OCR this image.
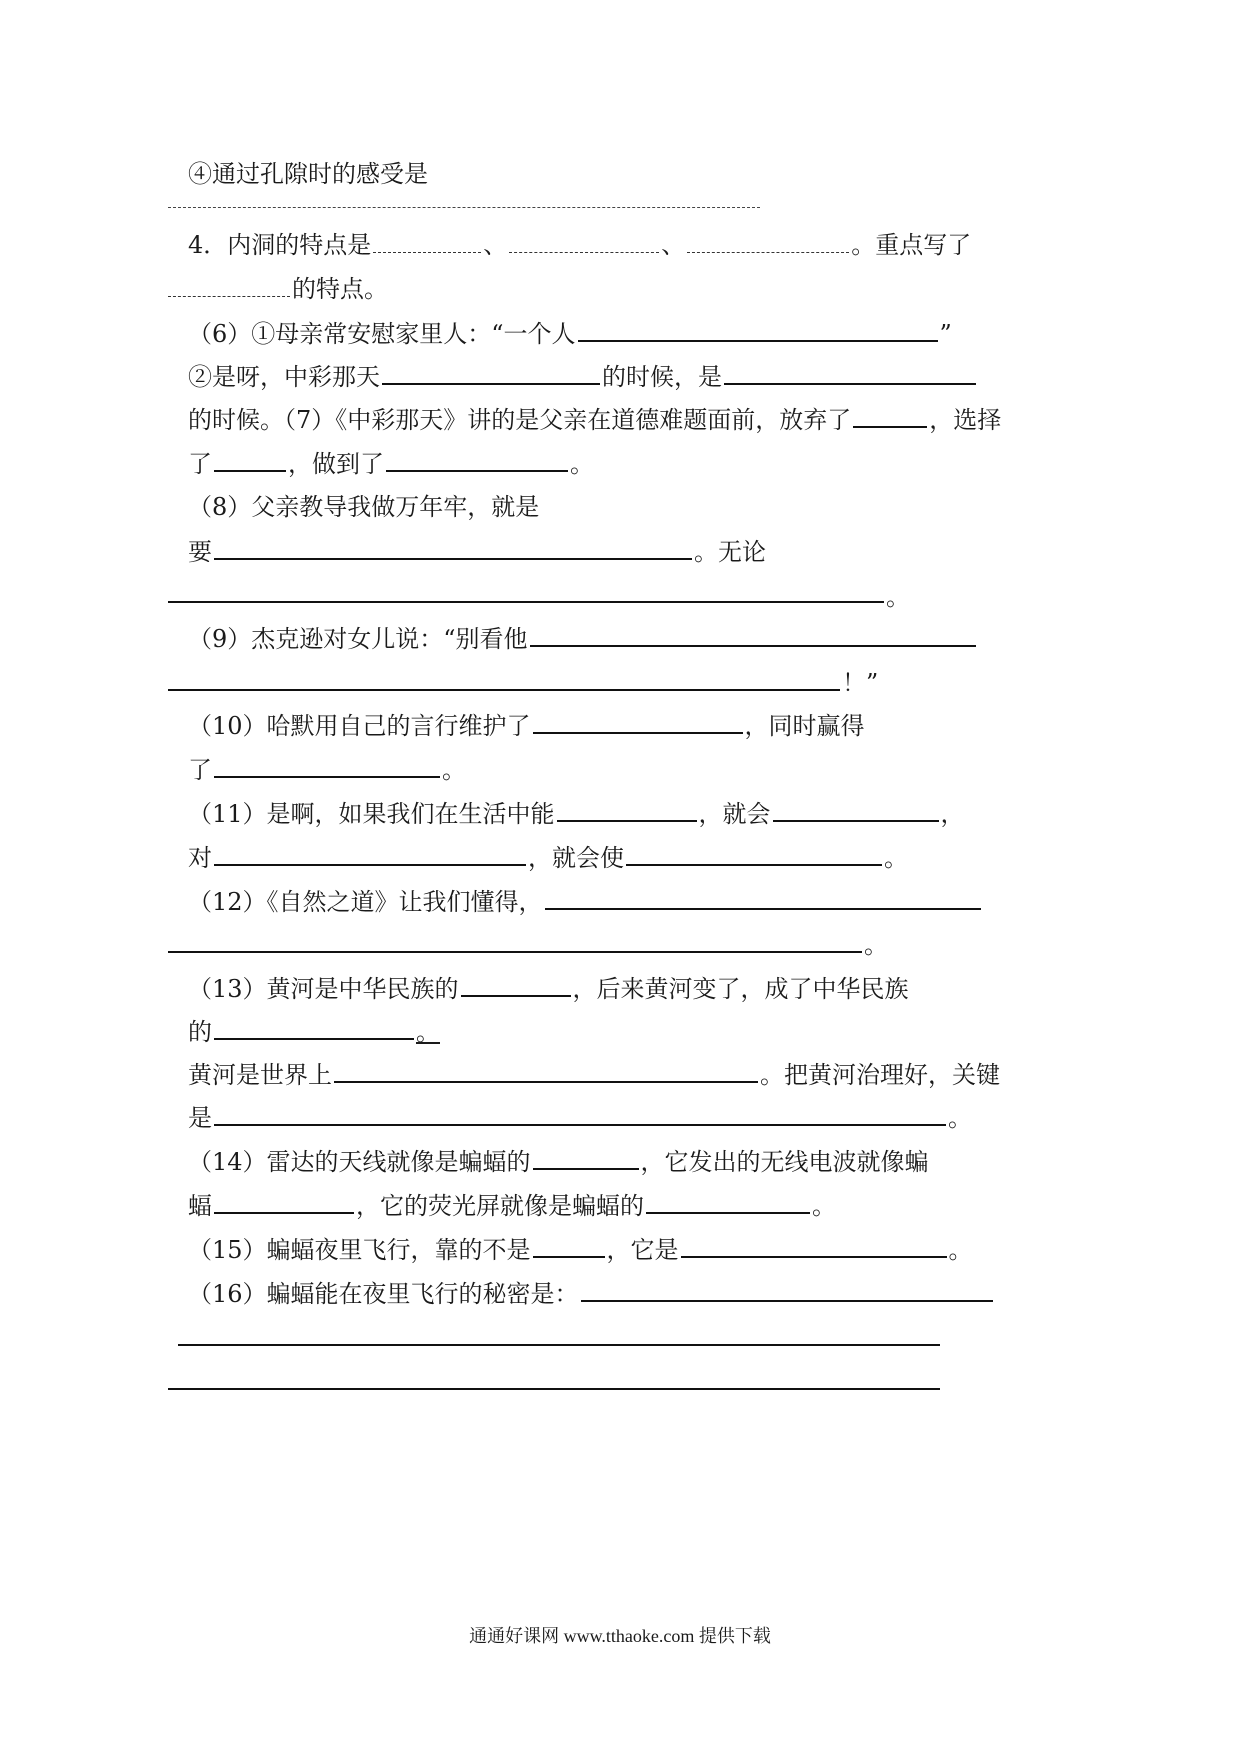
④通过孔隙时的感受是
4．内洞的特点是	、	、	。重点写了
的特点。
（6）①母亲常安慰家里人：“一个人	”
②是呀，中彩那天	的时候，是
的时候。（7）《中彩那天》讲的是父亲在道德难题面前，放弃了	，选择
了	，做到了	。
（8）父亲教导我做万年牢，就是
要	。无论
。
（9）杰克逊对女儿说：“别看他
！”
（10）哈默用自己的言行维护了	，同时赢得
了	。
（11）是啊，如果我们在生活中能	，就会	，
对	，就会使	。
（12）《自然之道》让我们懂得，
。
（13）黄河是中华民族的	，后来黄河变了，成了中华民族
的	。
黄河是世界上	。把黄河治理好，关键
是	。
（14）雷达的天线就像是蝙蝠的	，它发出的无线电波就像蝙
蝠	，它的荧光屏就像是蝙蝠的	。
（15）蝙蝠夜里飞行，靠的不是	，它是	。
（16）蝙蝠能在夜里飞行的秘密是：
通通好课网 www.tthaoke.com 提供下载
